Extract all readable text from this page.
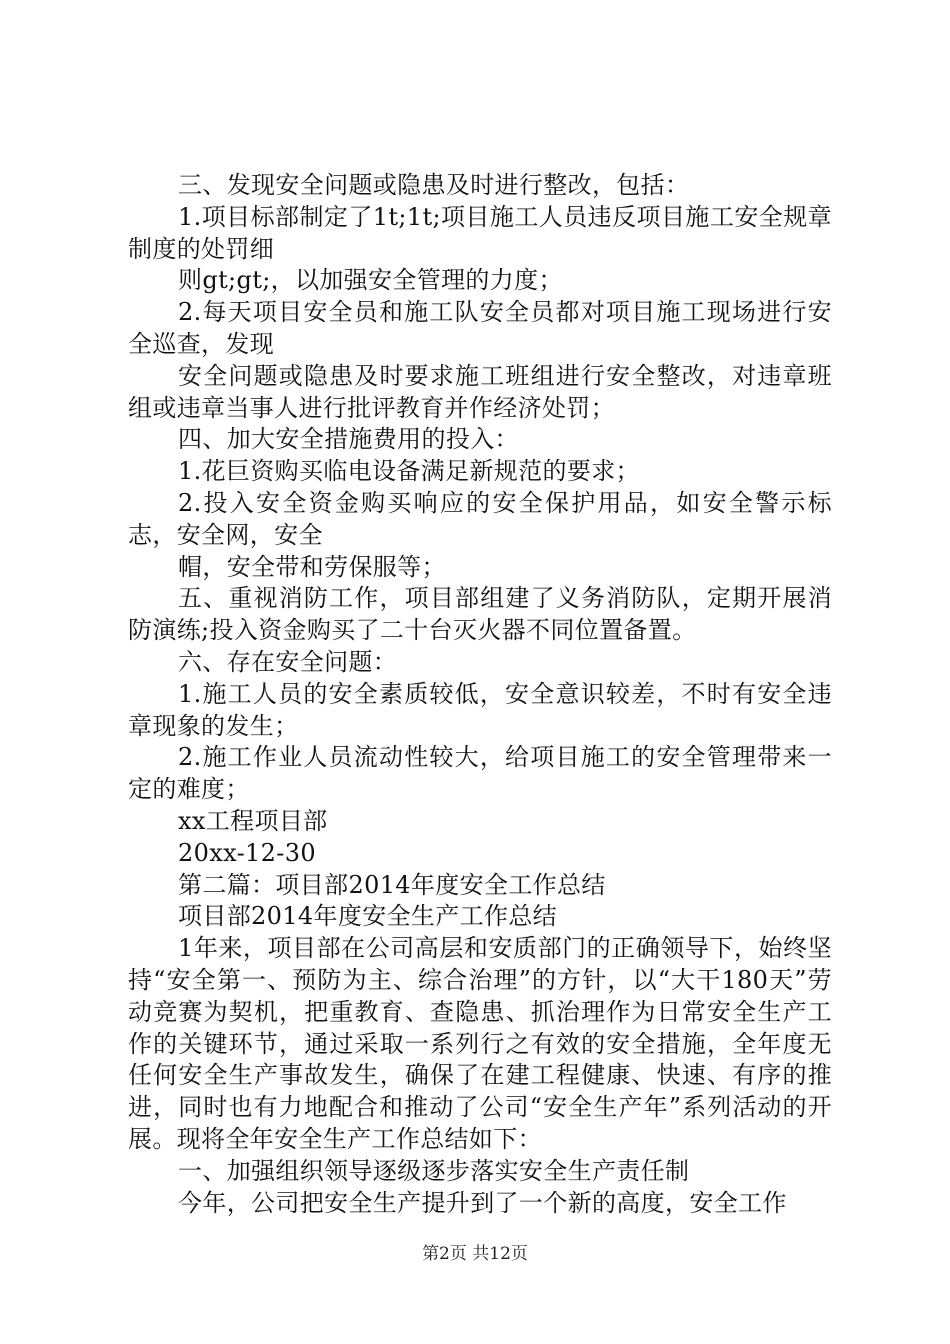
三、发现安全问题或隐患及时进行整改，包括：

1.项目标部制定了1t;1t;项目施工人员违反项目施工安全规章制度的处罚细

则gt;gt;，以加强安全管理的力度；

2.每天项目安全员和施工队安全员都对项目施工现场进行安全巡查，发现

安全问题或隐患及时要求施工班组进行安全整改，对违章班组或违章当事人进行批评教育并作经济处罚；

四、加大安全措施费用的投入：

1.花巨资购买临电设备满足新规范的要求；

2.投入安全资金购买响应的安全保护用品，如安全警示标志，安全网，安全

帽，安全带和劳保服等；

五、重视消防工作，项目部组建了义务消防队，定期开展消防演练;投入资金购买了二十台灭火器不同位置备置。

六、存在安全问题：

1.施工人员的安全素质较低，安全意识较差，不时有安全违章现象的发生；

2.施工作业人员流动性较大，给项目施工的安全管理带来一定的难度；

xx工程项目部

20xx-12-30

第二篇：项目部2014年度安全工作总结

项目部2014年度安全生产工作总结

1年来，项目部在公司高层和安质部门的正确领导下，始终坚持“安全第一、预防为主、综合治理”的方针，以“大干180天”劳动竞赛为契机，把重教育、查隐患、抓治理作为日常安全生产工作的关键环节，通过采取一系列行之有效的安全措施，全年度无任何安全生产事故发生，确保了在建工程健康、快速、有序的推进，同时也有力地配合和推动了公司“安全生产年”系列活动的开展。现将全年安全生产工作总结如下：

一、加强组织领导逐级逐步落实安全生产责任制

今年，公司把安全生产提升到了一个新的高度，安全工作

第2页 共12页
